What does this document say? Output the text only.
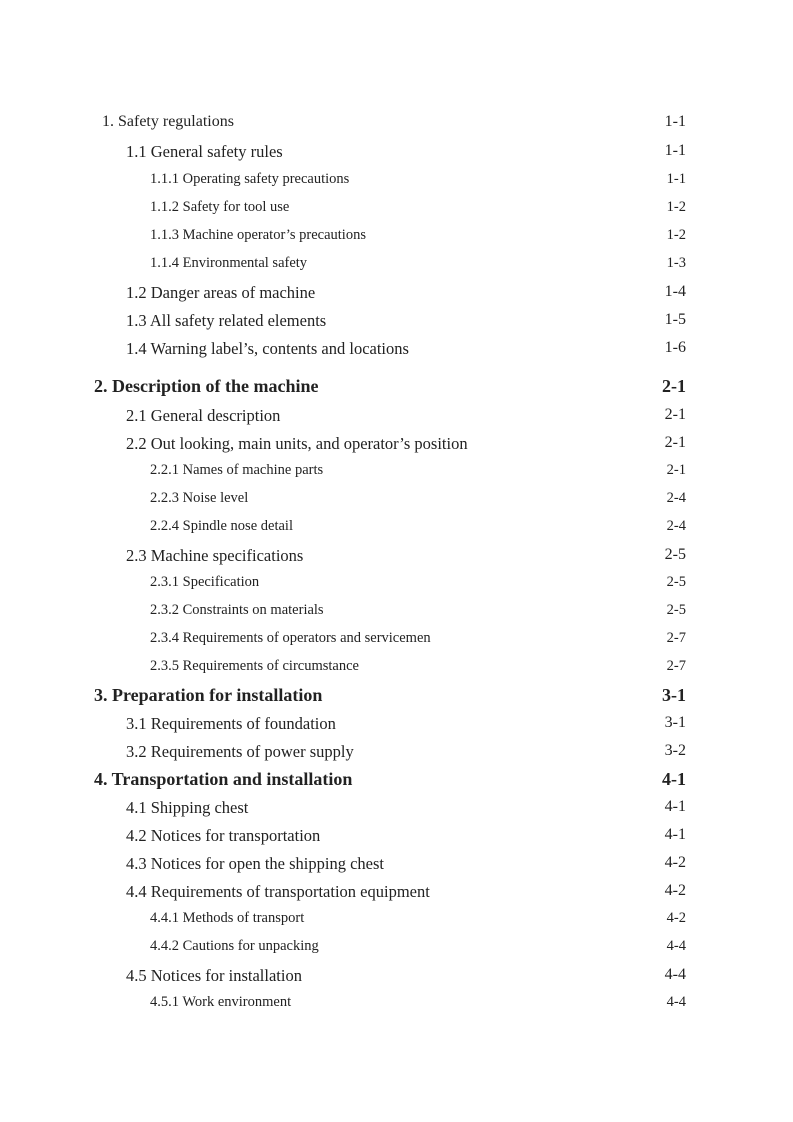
1. Safety regulations	1-1
1.1 General safety rules	1-1
1.1.1 Operating safety precautions	1-1
1.1.2 Safety for tool use	1-2
1.1.3 Machine operator’s precautions	1-2
1.1.4 Environmental safety	1-3
1.2 Danger areas of machine	1-4
1.3 All safety related elements	1-5
1.4 Warning label’s, contents and locations	1-6
2. Description of the machine	2-1
2.1 General description	2-1
2.2 Out looking, main units, and operator’s position	2-1
2.2.1 Names of machine parts	2-1
2.2.3 Noise level	2-4
2.2.4 Spindle nose detail	2-4
2.3 Machine specifications	2-5
2.3.1 Specification	2-5
2.3.2 Constraints on materials	2-5
2.3.4 Requirements of operators and servicemen	2-7
2.3.5 Requirements of circumstance	2-7
3. Preparation for installation	3-1
3.1 Requirements of foundation	3-1
3.2 Requirements of power supply	3-2
4. Transportation and installation	4-1
4.1 Shipping chest	4-1
4.2 Notices for transportation	4-1
4.3 Notices for open the shipping chest	4-2
4.4 Requirements of transportation equipment	4-2
4.4.1 Methods of transport	4-2
4.4.2 Cautions for unpacking	4-4
4.5 Notices for installation	4-4
4.5.1 Work environment	4-4
